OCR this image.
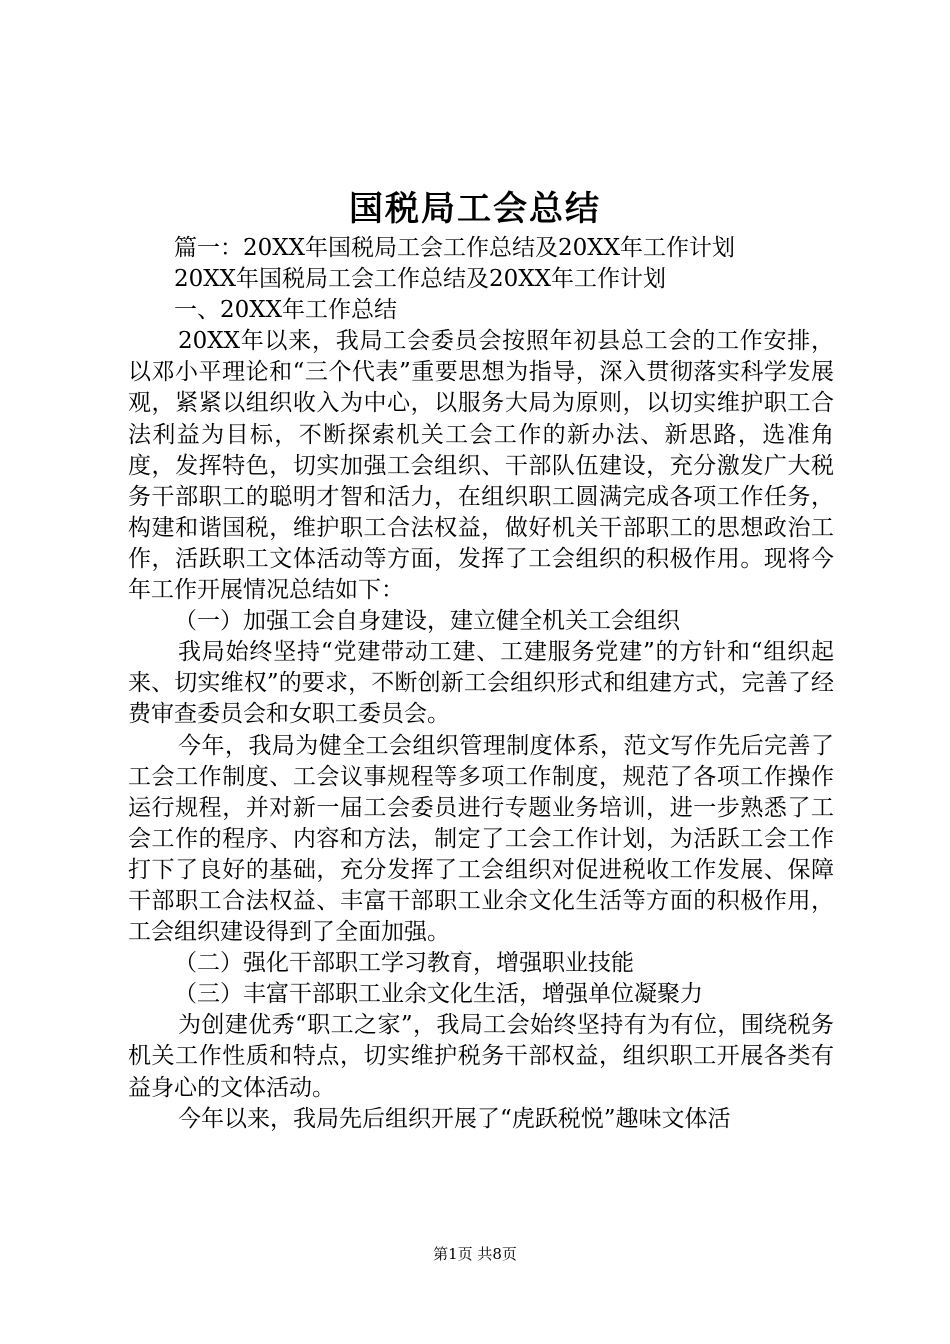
国税局工会总结

篇一：20XX年国税局工会工作总结及20XX年工作计划

20XX年国税局工会工作总结及20XX年工作计划

一、20XX年工作总结

20XX年以来，我局工会委员会按照年初县总工会的工作安排，以邓小平理论和“三个代表”重要思想为指导，深入贯彻落实科学发展观，紧紧以组织收入为中心，以服务大局为原则，以切实维护职工合法利益为目标，不断探索机关工会工作的新办法、新思路，选准角度，发挥特色，切实加强工会组织、干部队伍建设，充分激发广大税务干部职工的聪明才智和活力，在组织职工圆满完成各项工作任务，构建和谐国税，维护职工合法权益，做好机关干部职工的思想政治工作，活跃职工文体活动等方面，发挥了工会组织的积极作用。现将今年工作开展情况总结如下：

（一）加强工会自身建设，建立健全机关工会组织

我局始终坚持“党建带动工建、工建服务党建”的方针和“组织起来、切实维权”的要求，不断创新工会组织形式和组建方式，完善了经费审查委员会和女职工委员会。

今年，我局为健全工会组织管理制度体系，范文写作先后完善了工会工作制度、工会议事规程等多项工作制度，规范了各项工作操作运行规程，并对新一届工会委员进行专题业务培训，进一步熟悉了工会工作的程序、内容和方法，制定了工会工作计划，为活跃工会工作打下了良好的基础，充分发挥了工会组织对促进税收工作发展、保障干部职工合法权益、丰富干部职工业余文化生活等方面的积极作用，工会组织建设得到了全面加强。

（二）强化干部职工学习教育，增强职业技能

（三）丰富干部职工业余文化生活，增强单位凝聚力

为创建优秀“职工之家”，我局工会始终坚持有为有位，围绕税务机关工作性质和特点，切实维护税务干部权益，组织职工开展各类有益身心的文体活动。

今年以来，我局先后组织开展了“虎跃税悦”趣味文体活

第1页 共8页
